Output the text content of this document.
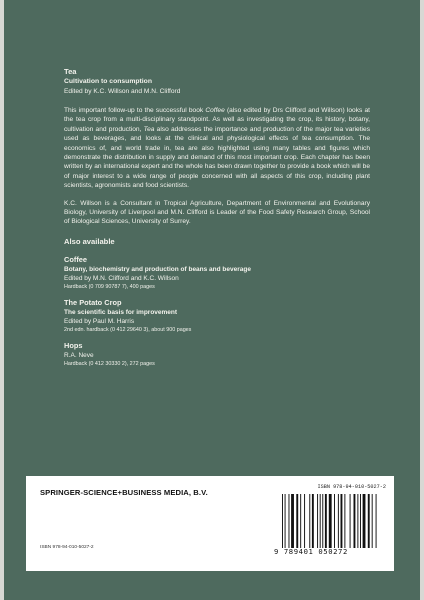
Tea
Cultivation to consumption
Edited by K.C. Willson and M.N. Clifford
This important follow-up to the successful book Coffee (also edited by Drs Clifford and Willson) looks at the tea crop from a multi-disciplinary standpoint. As well as investigating the crop, its history, botany, cultivation and production, Tea also addresses the importance and production of the major tea varieties used as beverages, and looks at the clinical and physiological effects of tea consumption. The economics of, and world trade in, tea are also highlighted using many tables and figures which demonstrate the distribution in supply and demand of this most important crop. Each chapter has been written by an international expert and the whole has been drawn together to provide a book which will be of major interest to a wide range of people concerned with all aspects of this crop, including plant scientists, agronomists and food scientists.
K.C. Willson is a Consultant in Tropical Agriculture, Department of Environmental and Evolutionary Biology, University of Liverpool and M.N. Clifford is Leader of the Food Safety Research Group, School of Biological Sciences, University of Surrey.
Also available
Coffee
Botany, biochemistry and production of beans and beverage
Edited by M.N. Clifford and K.C. Willson
Hardback (0 709 90787 7), 400 pages
The Potato Crop
The scientific basis for improvement
Edited by Paul M. Harris
2nd edn. hardback (0 412 29640 3), about 900 pages
Hops
R.A. Neve
Hardback (0 412 30330 2), 272 pages
SPRINGER-SCIENCE+BUSINESS MEDIA, B.V.
ISBN 978-94-010-5027-2
ISBN 978-94-010-5027-2
9 789401 050272
